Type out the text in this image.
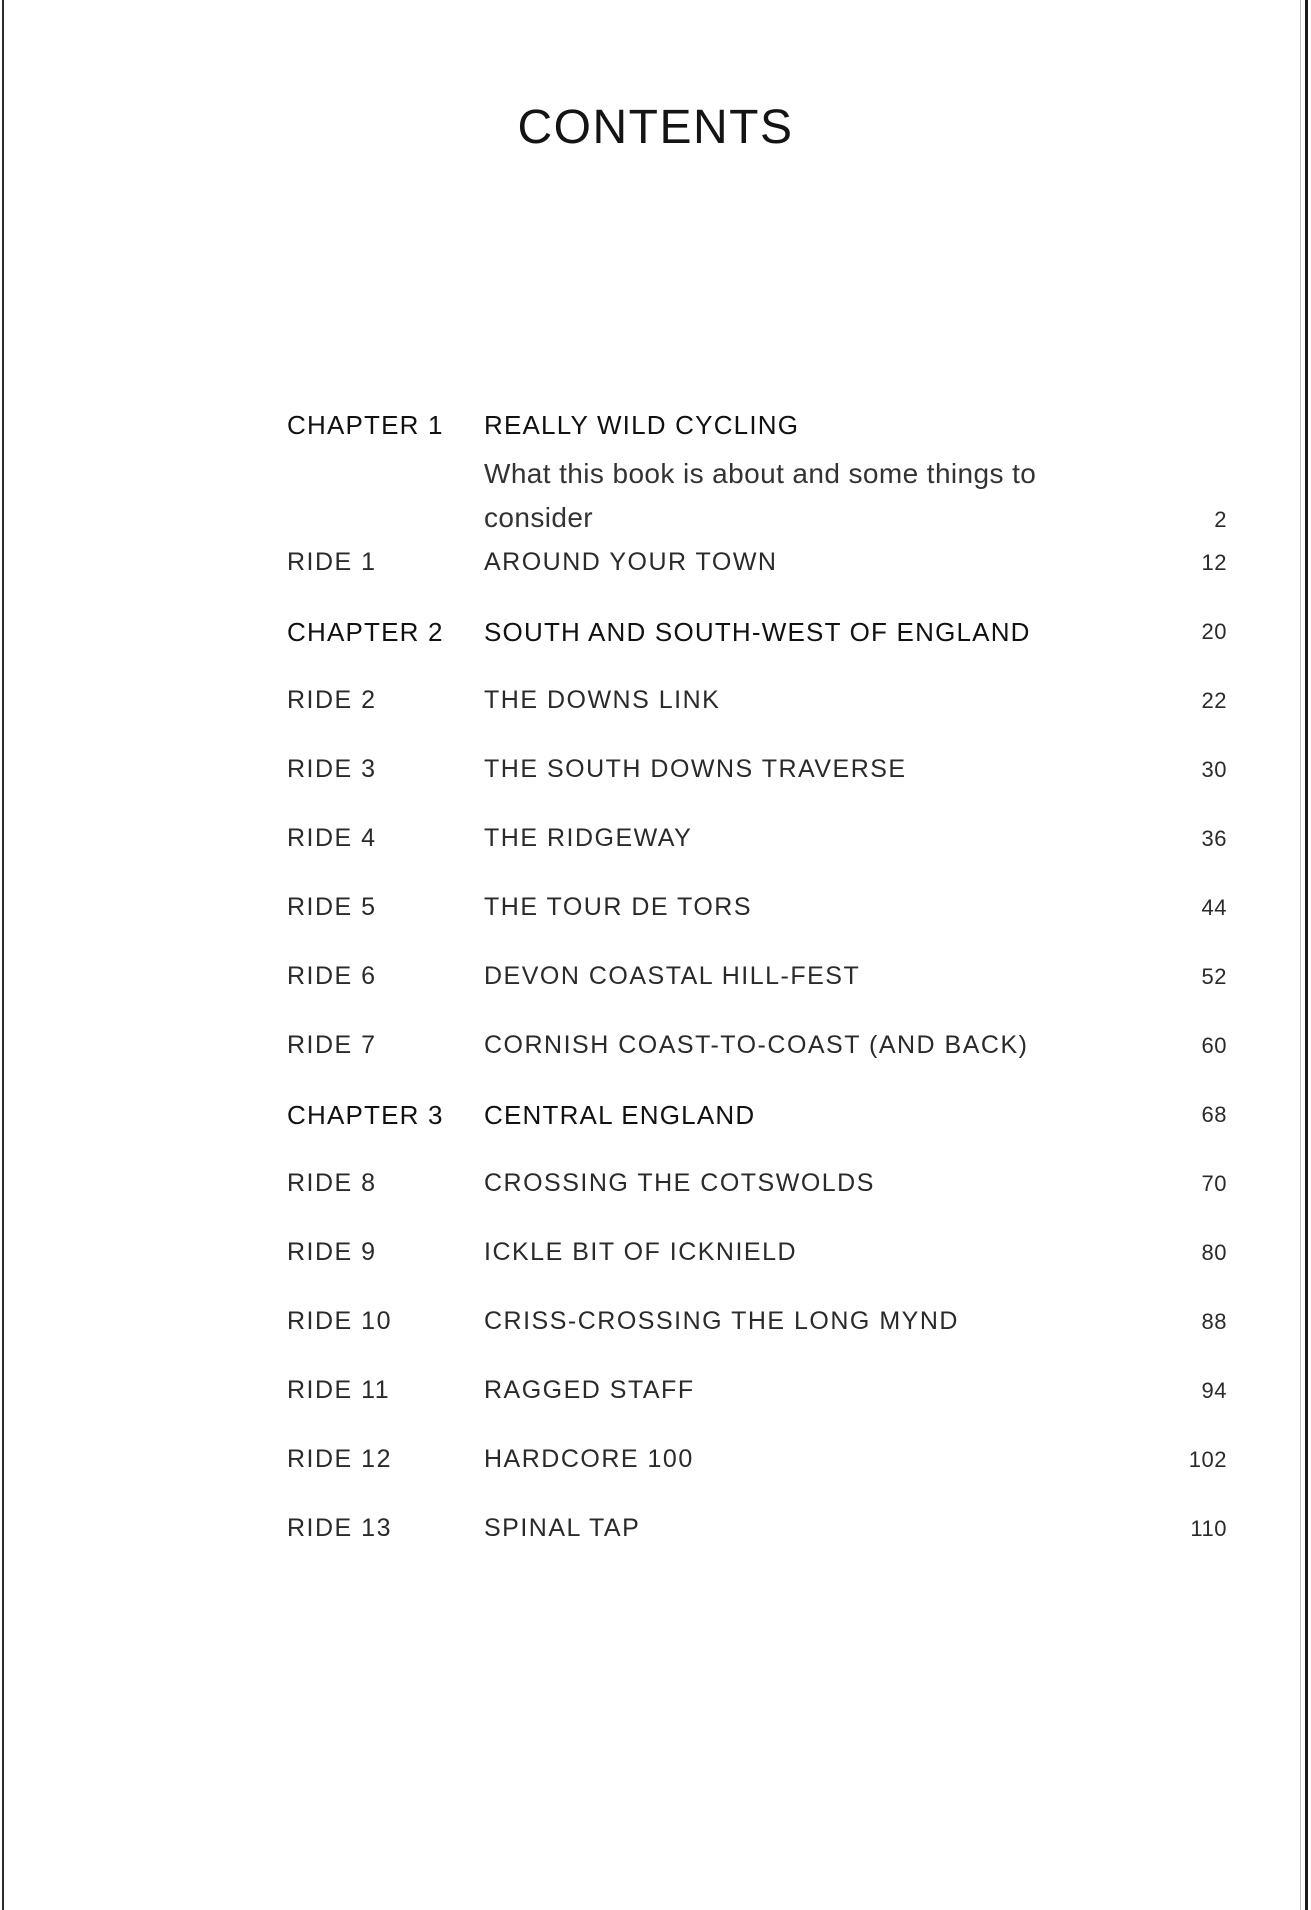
CONTENTS
CHAPTER 1 REALLY WILD CYCLING
What this book is about and some things to consider	2
RIDE 1	AROUND YOUR TOWN	12
CHAPTER 2 SOUTH AND SOUTH-WEST OF ENGLAND	20
RIDE 2	THE DOWNS LINK	22
RIDE 3	THE SOUTH DOWNS TRAVERSE	30
RIDE 4	THE RIDGEWAY	36
RIDE 5	THE TOUR DE TORS	44
RIDE 6	DEVON COASTAL HILL-FEST	52
RIDE 7	CORNISH COAST-TO-COAST (AND BACK)	60
CHAPTER 3 CENTRAL ENGLAND	68
RIDE 8	CROSSING THE COTSWOLDS	70
RIDE 9	ICKLE BIT OF ICKNIELD	80
RIDE 10	CRISS-CROSSING THE LONG MYND	88
RIDE 11	RAGGED STAFF	94
RIDE 12	HARDCORE 100	102
RIDE 13	SPINAL TAP	110
